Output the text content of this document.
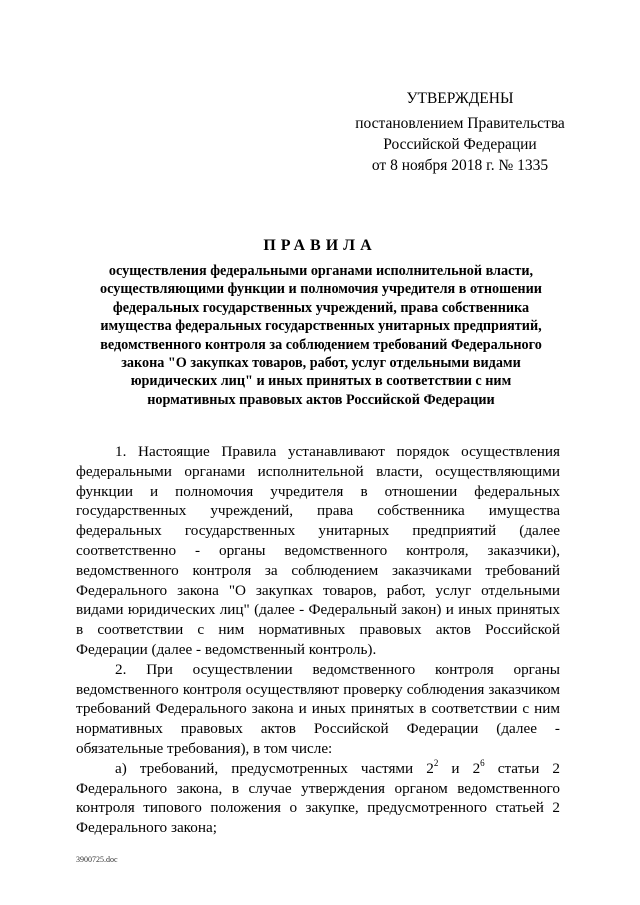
УТВЕРЖДЕНЫ
постановлением Правительства
Российской Федерации
от 8 ноября 2018 г. № 1335
ПРАВИЛА
осуществления федеральными органами исполнительной власти,
осуществляющими функции и полномочия учредителя в отношении
федеральных государственных учреждений, права собственника
имущества федеральных государственных унитарных предприятий,
ведомственного контроля за соблюдением требований Федерального
закона "О закупках товаров, работ, услуг отдельными видами
юридических лиц" и иных принятых в соответствии с ним
нормативных правовых актов Российской Федерации

1. Настоящие Правила устанавливают порядок осуществления федеральными органами исполнительной власти, осуществляющими функции и полномочия учредителя в отношении федеральных государственных учреждений, права собственника имущества федеральных государственных унитарных предприятий (далее соответственно - органы ведомственного контроля, заказчики), ведомственного контроля за соблюдением заказчиками требований Федерального закона "О закупках товаров, работ, услуг отдельными видами юридических лиц" (далее - Федеральный закон) и иных принятых в соответствии с ним нормативных правовых актов Российской Федерации (далее - ведомственный контроль).

2. При осуществлении ведомственного контроля органы ведомственного контроля осуществляют проверку соблюдения заказчиком требований Федерального закона и иных принятых в соответствии с ним нормативных правовых актов Российской Федерации (далее - обязательные требования), в том числе:

а) требований, предусмотренных частями $2^2$ и $2^6$ статьи 2 Федерального закона, в случае утверждения органом ведомственного контроля типового положения о закупке, предусмотренного статьей 2 Федерального закона;

3900725.doc
